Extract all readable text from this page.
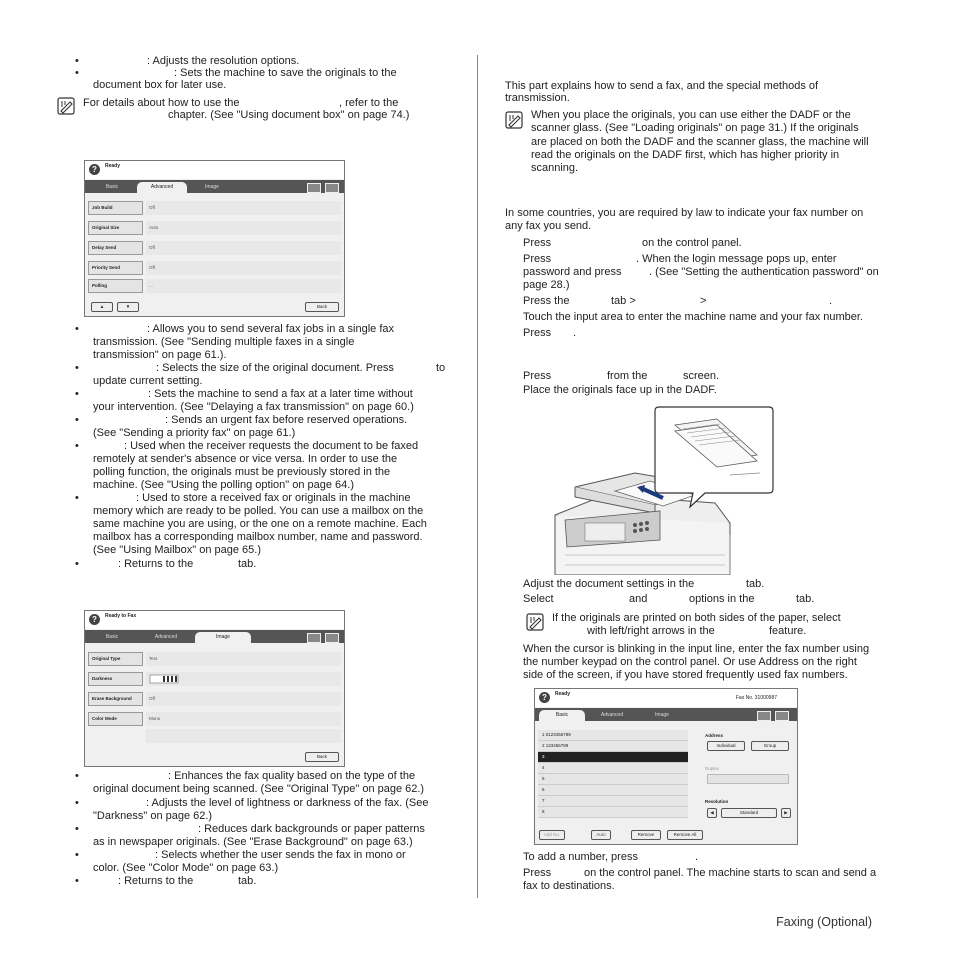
•	: Adjusts the resolution options.
•	: Sets the machine to save the originals to the
document box for later use.
For details about how to use the	, refer to the
chapter. (See "Using document box" on page 74.)
?	Ready
Basic	Advanced	Image
Job Build	Off
Original Size	Auto
Delay Send	Off
Priority Send	Off
Polling	...
▲	▼	Back
•	: Allows you to send several fax jobs in a single fax
transmission. (See "Sending multiple faxes in a single
transmission" on page 61.).
•	: Selects the size of the original document. Press	to
update current setting.
•	: Sets the machine to send a fax at a later time without
your intervention. (See "Delaying a fax transmission" on page 60.)
•	: Sends an urgent fax before reserved operations.
(See "Sending a priority fax" on page 61.)
•	: Used when the receiver requests the document to be faxed
remotely at sender's absence or vice versa. In order to use the
polling function, the originals must be previously stored in the
machine. (See "Using the polling option" on page 64.)
•	: Used to store a received fax or originals in the machine
memory which are ready to be polled. You can use a mailbox on the
same machine you are using, or the one on a remote machine. Each
mailbox has a corresponding mailbox number, name and password.
(See "Using Mailbox" on page 65.)
•	: Returns to the	tab.
?	Ready to Fax
Basic	Advanced	Image
Original Type	Text
Darkness
Erase Background	Off
Color Mode	Mono
Back
•	: Enhances the fax quality based on the type of the
original document being scanned. (See "Original Type" on page 62.)
•	: Adjusts the level of lightness or darkness of the fax. (See
"Darkness" on page 62.)
•	: Reduces dark backgrounds or paper patterns
as in newspaper originals. (See "Erase Background" on page 63.)
•	: Selects whether the user sends the fax in mono or
color. (See "Color Mode" on page 63.)
•	: Returns to the	tab.
This part explains how to send a fax, and the special methods of
transmission.
When you place the originals, you can use either the DADF or the
scanner glass. (See "Loading originals" on page 31.) If the originals
are placed on both the DADF and the scanner glass, the machine will
read the originals on the DADF first, which has higher priority in
scanning.
In some countries, you are required by law to indicate your fax number on
any fax you send.
Press	on the control panel.
Press	. When the login message pops up, enter
password and press	. (See "Setting the authentication password" on
page 28.)
Press the	tab >	>	.
Touch the input area to enter the machine name and your fax number.
Press .
Press	from the	screen.
Place the originals face up in the DADF.
Adjust the document settings in the	tab.
Select	and	options in the	tab.
If the originals are printed on both sides of the paper, select
with left/right arrows in the	feature.
When the cursor is blinking in the input line, enter the fax number using
the number keypad on the control panel. Or use Address on the right
side of the screen, if you have stored frequently used fax numbers.
?	Ready
Fax No. 31000987
Basic	Advanced	Image
1 0123456789
2 123456789
3
4
5
6
7
8
Address
Individual	Group
Duplex
Resolution
◀	Standard	▶
Add No.	Auto	Remove	Remove All
To add a number, press	.
Press	on the control panel. The machine starts to scan and send a
fax to destinations.
Faxing (Optional)
